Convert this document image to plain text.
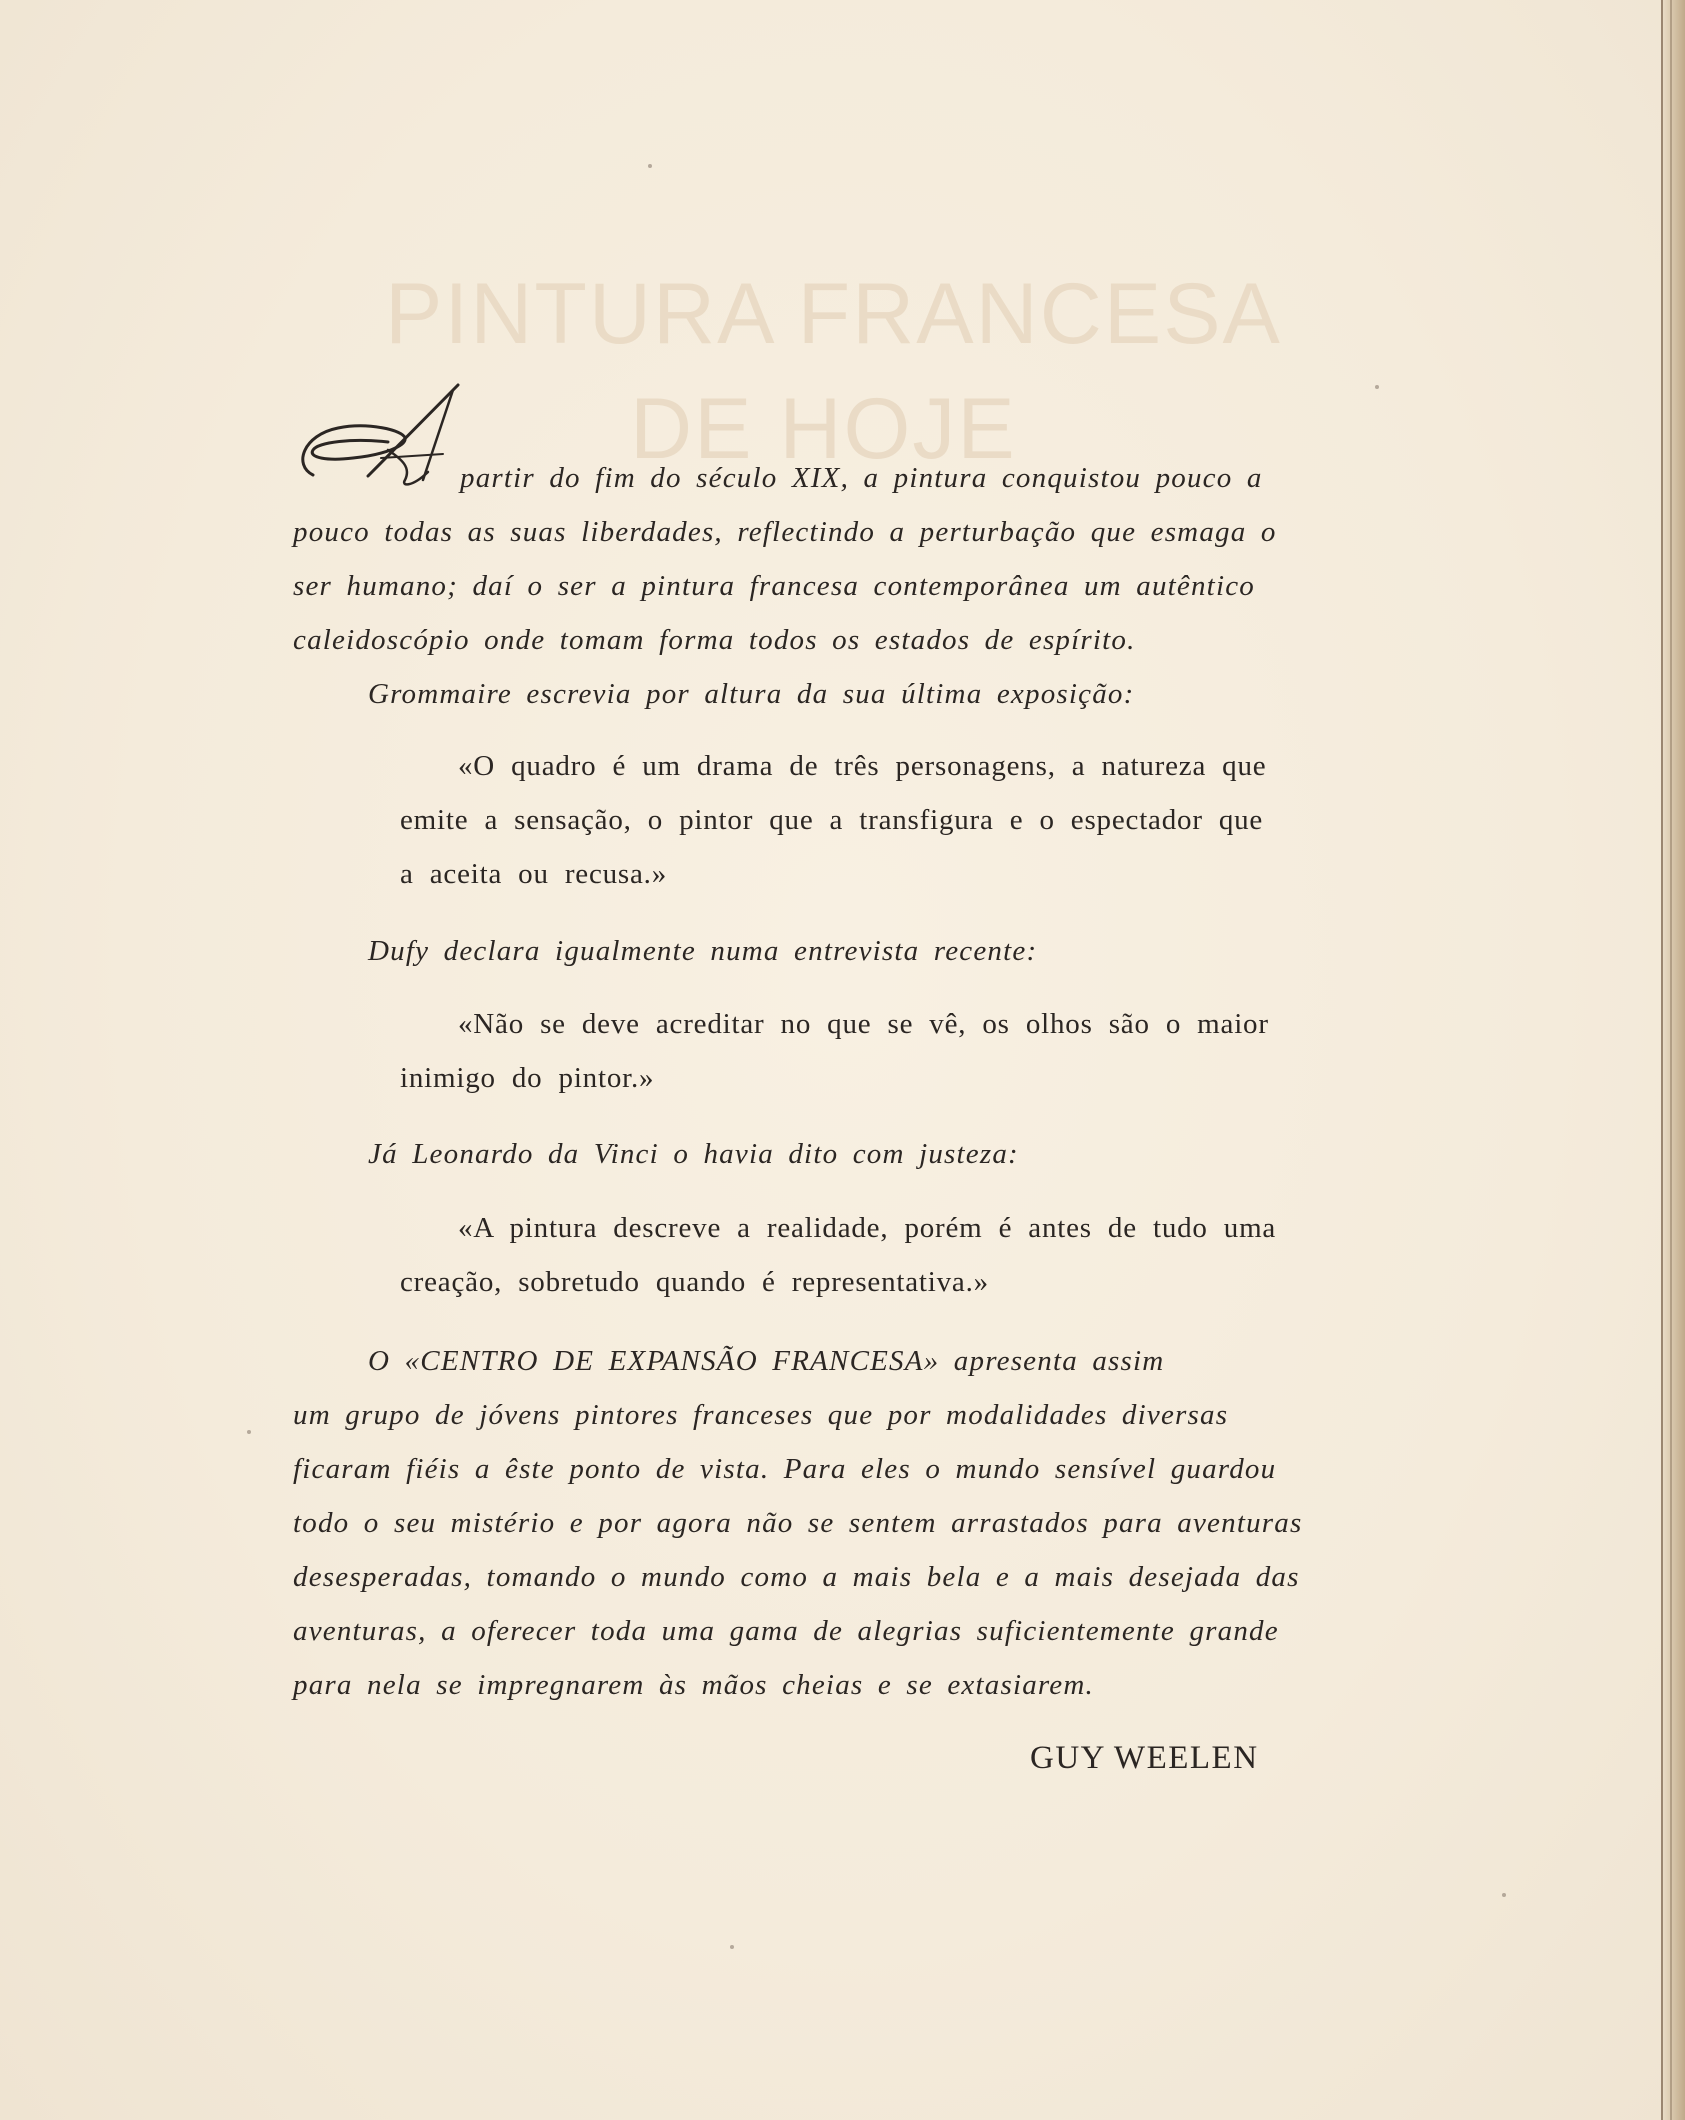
PINTURA FRANCESA
DE HOJE
partir do fim do século XIX, a pintura conquistou pouco a
pouco todas as suas liberdades, reflectindo a perturbação que esmaga o
ser humano; daí o ser a pintura francesa contemporânea um autêntico
caleidoscópio onde tomam forma todos os estados de espírito.
Grommaire escrevia por altura da sua última exposição:
«O quadro é um drama de três personagens, a natureza que
emite a sensação, o pintor que a transfigura e o espectador que
a aceita ou recusa.»
Dufy declara igualmente numa entrevista recente:
«Não se deve acreditar no que se vê, os olhos são o maior
inimigo do pintor.»
Já Leonardo da Vinci o havia dito com justeza:
«A pintura descreve a realidade, porém é antes de tudo uma
creação, sobretudo quando é representativa.»
O «CENTRO DE EXPANSÃO FRANCESA» apresenta assim
um grupo de jóvens pintores franceses que por modalidades diversas
ficaram fiéis a êste ponto de vista. Para eles o mundo sensível guardou
todo o seu mistério e por agora não se sentem arrastados para aventuras
desesperadas, tomando o mundo como a mais bela e a mais desejada das
aventuras, a oferecer toda uma gama de alegrias suficientemente grande
para nela se impregnarem às mãos cheias e se extasiarem.
GUY WEELEN
